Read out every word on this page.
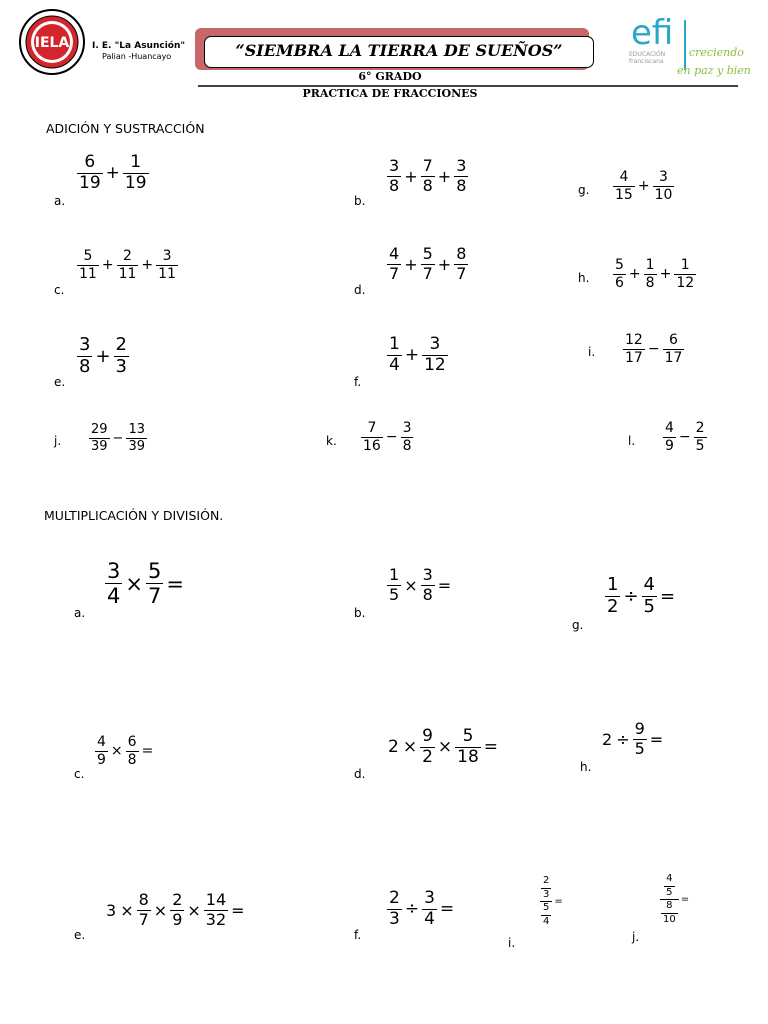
IELA	I. E. "La Asunción"
Palian -Huancayo	“SIEMBRA LA TIERRA DE SUEÑOS”	efi
EDUCACIÓN
franciscana
creciendo
en paz y bien
6° GRADO
PRACTICA DE FRACCIONES
ADICIÓN Y SUSTRACCIÓN
a.
$\frac{6}{19} + \frac{1}{19}$
b.
$\frac{3}{8} + \frac{7}{8} + \frac{3}{8}$	g. $\frac{4}{15} + \frac{3}{10}$
c.
$\frac{5}{11} + \frac{2}{11} + \frac{3}{11}$
d.
$\frac{4}{7} + \frac{5}{7} + \frac{8}{7}$	h. $\frac{5}{6} + \frac{1}{8} + \frac{1}{12}$
e.
$\frac{3}{8} + \frac{2}{3}$
f.
$\frac{1}{4} + \frac{3}{12}$	i. $\frac{12}{17} - \frac{6}{17}$
j. $\frac{29}{39} - \frac{13}{39}$	k. $\frac{7}{16} - \frac{3}{8}$	l. $\frac{4}{9} - \frac{2}{5}$
a.
$\frac{3}{4} \times \frac{5}{7}$ =
b.
$\frac{1}{5} \times \frac{3}{8}$ =
g.
$\frac{1}{2} \div \frac{4}{5}$ =
c.
$\frac{4}{9} \times \frac{6}{8}$ =
d.
$2 \times \frac{9}{2} \times \frac{5}{18}$ =
h.
$2 \div \frac{9}{5}$ =
e.
$3 \times \frac{8}{7} \times \frac{2}{9} \times \frac{14}{32}$ =
f.
$\frac{2}{3} \div \frac{3}{4}$ =
i.
$\frac{2}{3}$
$\frac{5}{4}$
=
j.
$\frac{4}{5}$
$\frac{8}{10}$
=
MULTIPLICACIÓN Y DIVISIÓN.
